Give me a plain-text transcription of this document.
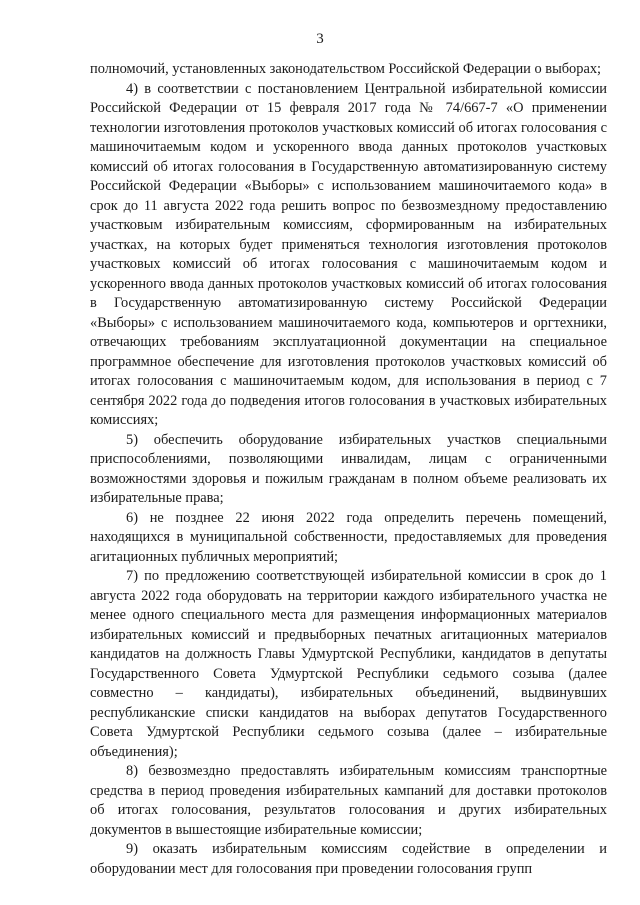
3

полномочий, установленных законодательством Российской Федерации о выборах;

4) в соответствии с постановлением Центральной избирательной комиссии Российской Федерации от 15 февраля 2017 года № 74/667-7 «О применении технологии изготовления протоколов участковых комиссий об итогах голосования с машиночитаемым кодом и ускоренного ввода данных протоколов участковых комиссий об итогах голосования в Государственную автоматизированную систему Российской Федерации «Выборы» с использованием машиночитаемого кода» в срок до 11 августа 2022 года решить вопрос по безвозмездному предоставлению участковым избирательным комиссиям, сформированным на избирательных участках, на которых будет применяться технология изготовления протоколов участковых комиссий об итогах голосования с машиночитаемым кодом и ускоренного ввода данных протоколов участковых комиссий об итогах голосования в Государственную автоматизированную систему Российской Федерации «Выборы» с использованием машиночитаемого кода, компьютеров и оргтехники, отвечающих требованиям эксплуатационной документации на специальное программное обеспечение для изготовления протоколов участковых комиссий об итогах голосования с машиночитаемым кодом, для использования в период с 7 сентября 2022 года до подведения итогов голосования в участковых избирательных комиссиях;

5) обеспечить оборудование избирательных участков специальными приспособлениями, позволяющими инвалидам, лицам с ограниченными возможностями здоровья и пожилым гражданам в полном объеме реализовать их избирательные права;

6) не позднее 22 июня 2022 года определить перечень помещений, находящихся в муниципальной собственности, предоставляемых для проведения агитационных публичных мероприятий;

7) по предложению соответствующей избирательной комиссии в срок до 1 августа 2022 года оборудовать на территории каждого избирательного участка не менее одного специального места для размещения информационных материалов избирательных комиссий и предвыборных печатных агитационных материалов кандидатов на должность Главы Удмуртской Республики, кандидатов в депутаты Государственного Совета Удмуртской Республики седьмого созыва (далее совместно – кандидаты), избирательных объединений, выдвинувших республиканские списки кандидатов на выборах депутатов Государственного Совета Удмуртской Республики седьмого созыва (далее – избирательные объединения);

8) безвозмездно предоставлять избирательным комиссиям транспортные средства в период проведения избирательных кампаний для доставки протоколов об итогах голосования, результатов голосования и других избирательных документов в вышестоящие избирательные комиссии;

9) оказать избирательным комиссиям содействие в определении и оборудовании мест для голосования при проведении голосования групп
